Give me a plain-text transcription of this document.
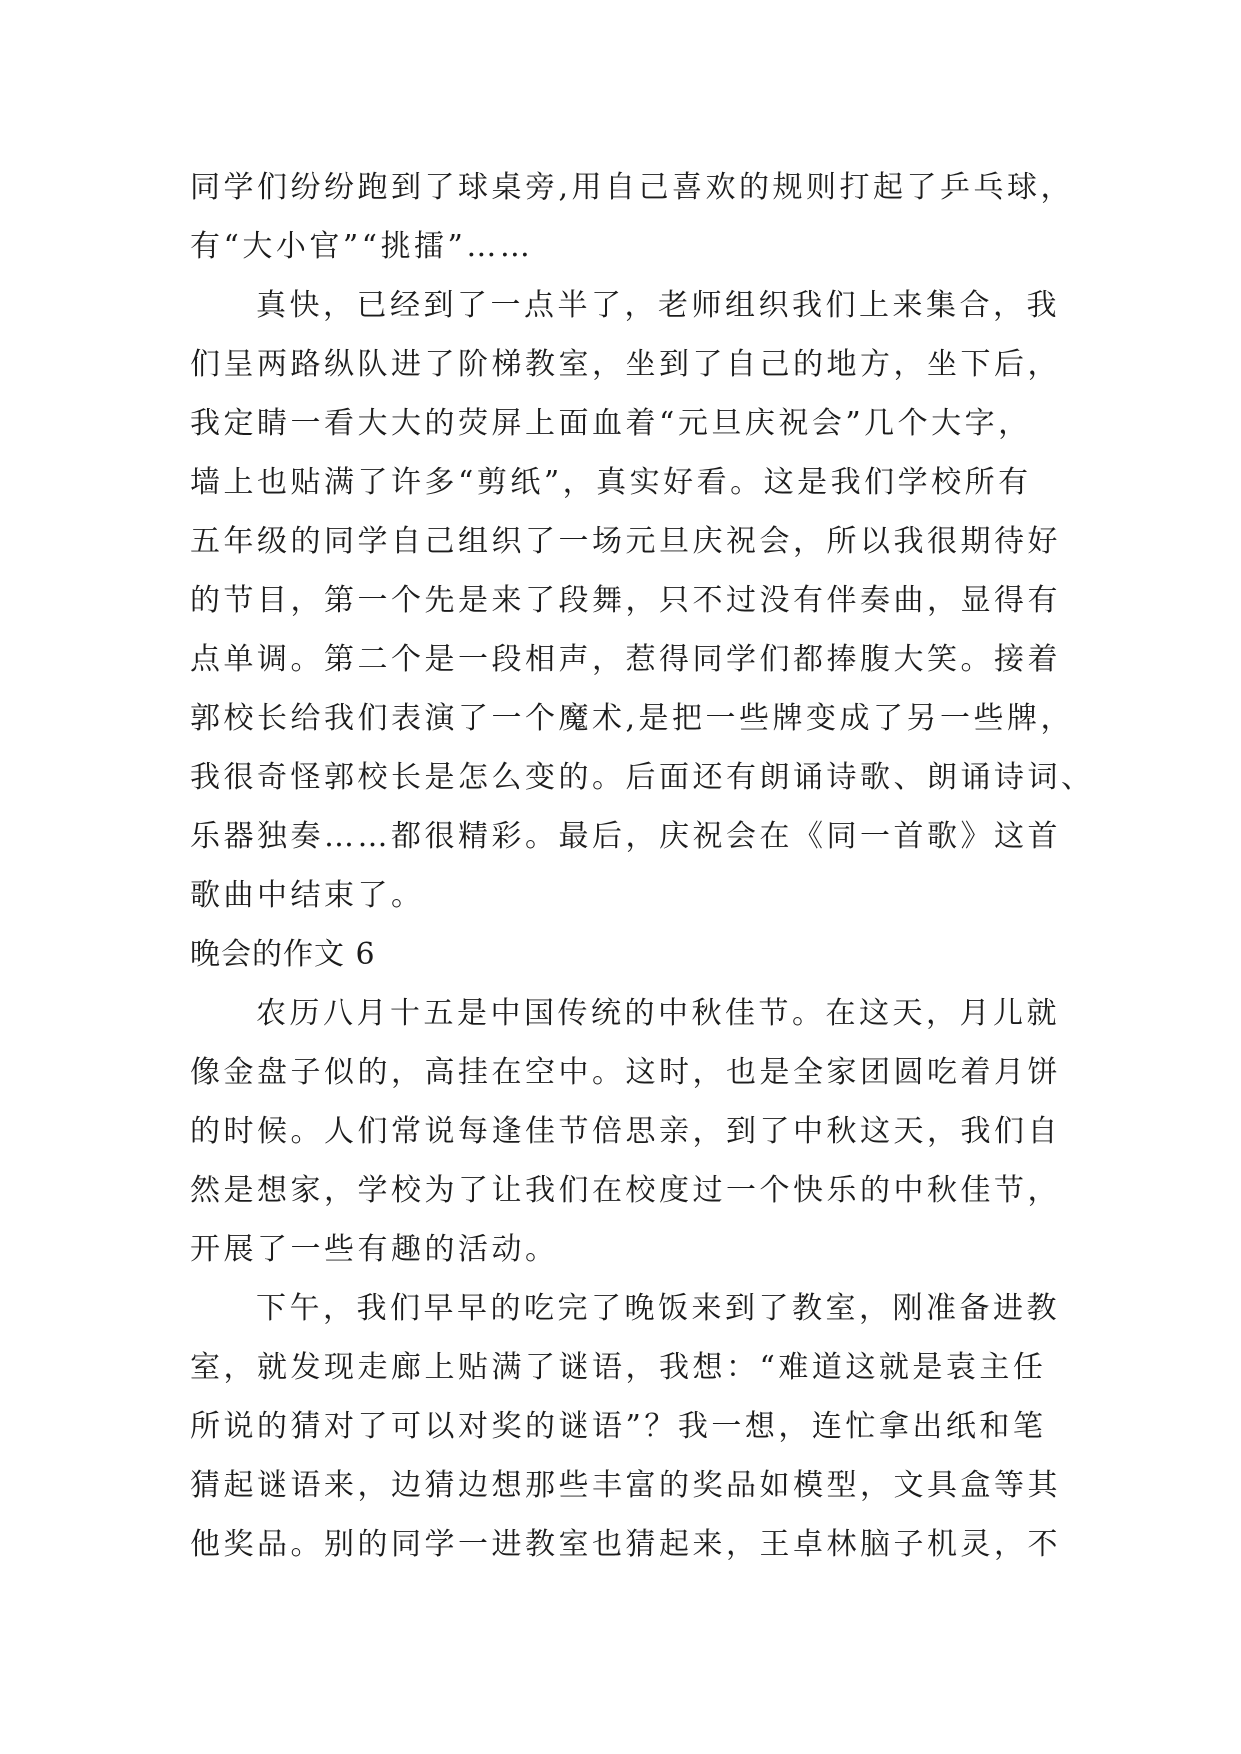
同学们纷纷跑到了球桌旁,用自己喜欢的规则打起了乒乓球，
有“大小官”“挑擂”……
真快，已经到了一点半了，老师组织我们上来集合，我
们呈两路纵队进了阶梯教室，坐到了自己的地方，坐下后，
我定睛一看大大的荧屏上面血着“元旦庆祝会”几个大字，
墙上也贴满了许多“剪纸”，真实好看。这是我们学校所有
五年级的同学自己组织了一场元旦庆祝会，所以我很期待好
的节目，第一个先是来了段舞，只不过没有伴奏曲，显得有
点单调。第二个是一段相声，惹得同学们都捧腹大笑。接着
郭校长给我们表演了一个魔术,是把一些牌变成了另一些牌，
我很奇怪郭校长是怎么变的。后面还有朗诵诗歌、朗诵诗词、
乐器独奏……都很精彩。最后，庆祝会在《同一首歌》这首
歌曲中结束了。
晚会的作文 6
农历八月十五是中国传统的中秋佳节。在这天，月儿就
像金盘子似的，高挂在空中。这时，也是全家团圆吃着月饼
的时候。人们常说每逢佳节倍思亲，到了中秋这天，我们自
然是想家，学校为了让我们在校度过一个快乐的中秋佳节，
开展了一些有趣的活动。
下午，我们早早的吃完了晚饭来到了教室，刚准备进教
室，就发现走廊上贴满了谜语，我想：“难道这就是袁主任
所说的猜对了可以对奖的谜语”？我一想，连忙拿出纸和笔
猜起谜语来，边猜边想那些丰富的奖品如模型，文具盒等其
他奖品。别的同学一进教室也猜起来，王卓林脑子机灵，不
